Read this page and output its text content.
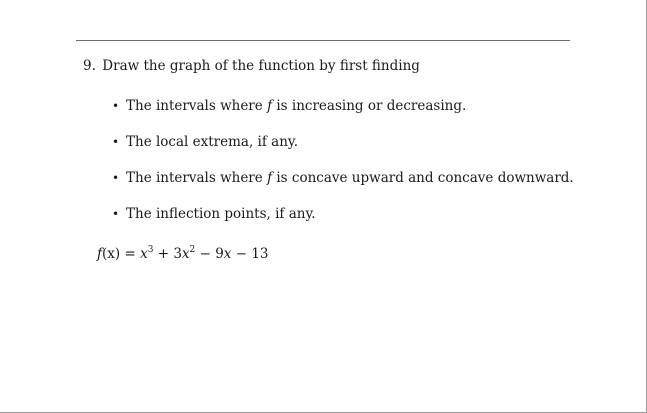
9. Draw the graph of the function by first finding
• The intervals where f is increasing or decreasing.
• The local extrema, if any.
• The intervals where f is concave upward and concave downward.
• The inflection points, if any.
$f(x) = x^3 + 3x^2 - 9x - 13$
